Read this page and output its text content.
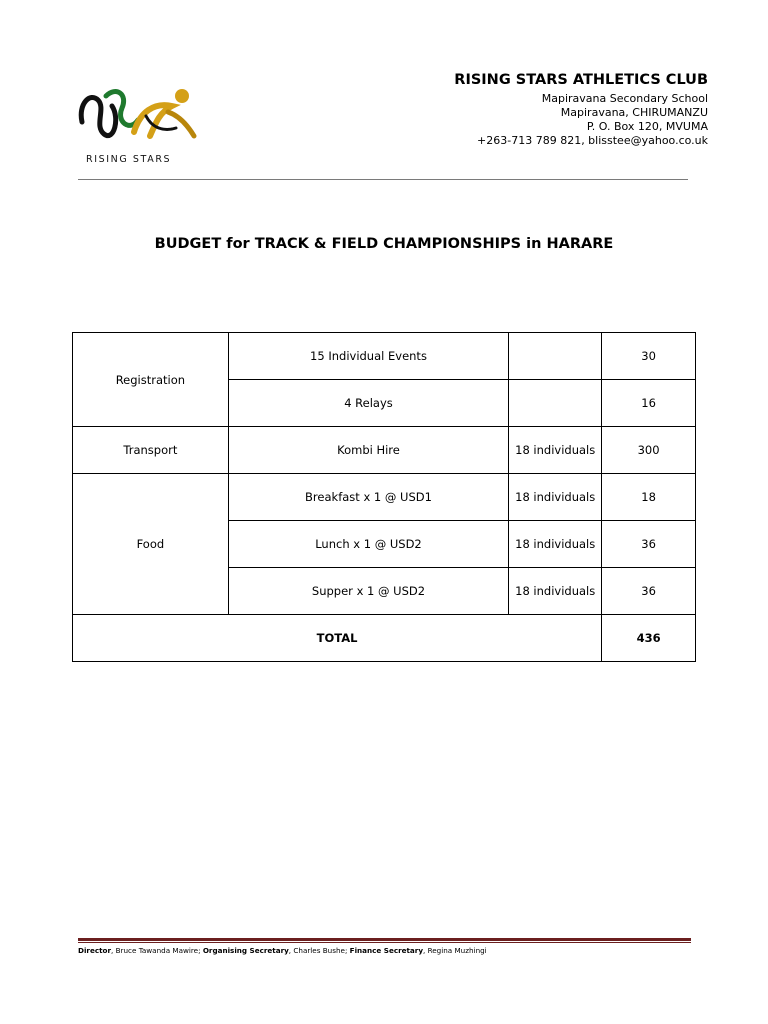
RISING STARS
RISING STARS ATHLETICS CLUB
Mapiravana Secondary School
Mapiravana, CHIRUMANZU
P. O. Box 120, MVUMA
+263-713 789 821, blisstee@yahoo.co.uk
BUDGET for TRACK & FIELD CHAMPIONSHIPS in HARARE
Registration	15 Individual Events		30
	4 Relays		16
Transport	Kombi Hire	18 individuals	300
Food	Breakfast x 1 @ USD1	18 individuals	18
	Lunch x 1 @ USD2	18 individuals	36
	Supper x 1 @ USD2	18 individuals	36
TOTAL			436
Director, Bruce Tawanda Mawire; Organising Secretary, Charles Bushe; Finance Secretary, Regina Muzhingi
